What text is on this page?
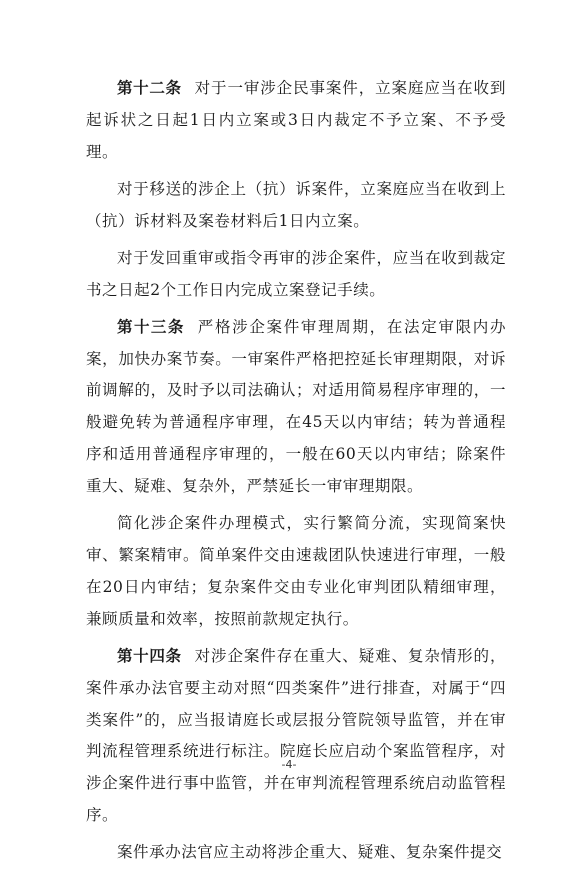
第十二条 对于一审涉企民事案件，立案庭应当在收到起诉状之日起1日内立案或3日内裁定不予立案、不予受理。

对于移送的涉企上（抗）诉案件，立案庭应当在收到上（抗）诉材料及案卷材料后1日内立案。

对于发回重审或指令再审的涉企案件，应当在收到裁定书之日起2个工作日内完成立案登记手续。

第十三条 严格涉企案件审理周期，在法定审限内办案，加快办案节奏。一审案件严格把控延长审理期限，对诉前调解的，及时予以司法确认；对适用简易程序审理的，一般避免转为普通程序审理，在45天以内审结；转为普通程序和适用普通程序审理的，一般在60天以内审结；除案件重大、疑难、复杂外，严禁延长一审审理期限。

简化涉企案件办理模式，实行繁简分流，实现简案快审、繁案精审。简单案件交由速裁团队快速进行审理，一般在20日内审结；复杂案件交由专业化审判团队精细审理，兼顾质量和效率，按照前款规定执行。

第十四条 对涉企案件存在重大、疑难、复杂情形的，案件承办法官要主动对照“四类案件”进行排查，对属于“四类案件”的，应当报请庭长或层报分管院领导监管，并在审判流程管理系统进行标注。院庭长应启动个案监管程序，对涉企案件进行事中监管，并在审判流程管理系统启动监管程序。

案件承办法官应主动将涉企重大、疑难、复杂案件提交

-4-
